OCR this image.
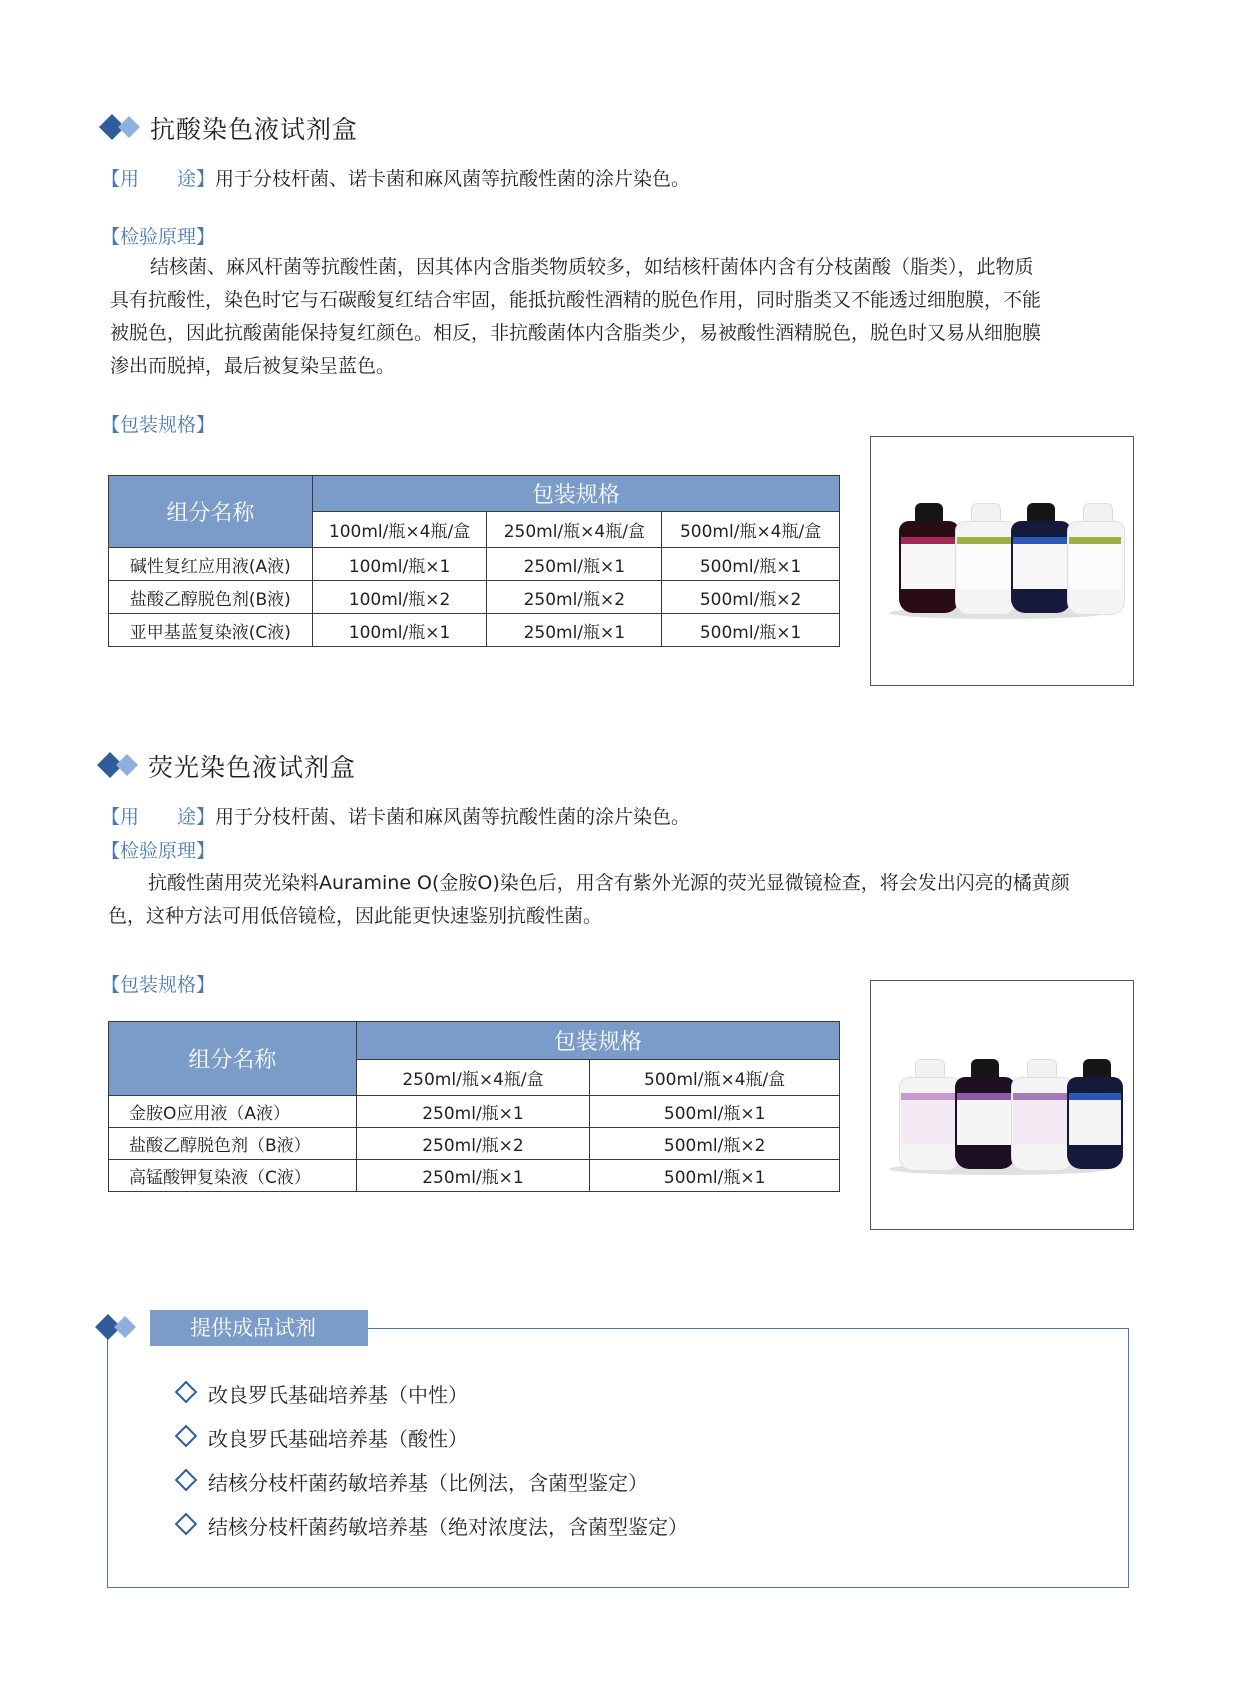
抗酸染色液试剂盒
【用　　途】用于分枝杆菌、诺卡菌和麻风菌等抗酸性菌的涂片染色。
【检验原理】
结核菌、麻风杆菌等抗酸性菌，因其体内含脂类物质较多，如结核杆菌体内含有分枝菌酸（脂类），此物质
具有抗酸性，染色时它与石碳酸复红结合牢固，能抵抗酸性酒精的脱色作用，同时脂类又不能透过细胞膜，不能
被脱色，因此抗酸菌能保持复红颜色。相反，非抗酸菌体内含脂类少，易被酸性酒精脱色，脱色时又易从细胞膜
渗出而脱掉，最后被复染呈蓝色。
【包装规格】
组分名称	包装规格		
	100ml/瓶×4瓶/盒	250ml/瓶×4瓶/盒	500ml/瓶×4瓶/盒
碱性复红应用液(A液)	100ml/瓶×1	250ml/瓶×1	500ml/瓶×1
盐酸乙醇脱色剂(B液)	100ml/瓶×2	250ml/瓶×2	500ml/瓶×2
亚甲基蓝复染液(C液)	100ml/瓶×1	250ml/瓶×1	500ml/瓶×1
荧光染色液试剂盒
【用　　途】用于分枝杆菌、诺卡菌和麻风菌等抗酸性菌的涂片染色。
【检验原理】
抗酸性菌用荧光染料Auramine O(金胺O)染色后，用含有紫外光源的荧光显微镜检查，将会发出闪亮的橘黄颜
色，这种方法可用低倍镜检，因此能更快速鉴别抗酸性菌。
【包装规格】
组分名称	包装规格	
	250ml/瓶×4瓶/盒	500ml/瓶×4瓶/盒
金胺O应用液（A液）	250ml/瓶×1	500ml/瓶×1
盐酸乙醇脱色剂（B液）	250ml/瓶×2	500ml/瓶×2
高锰酸钾复染液（C液）	250ml/瓶×1	500ml/瓶×1
提供成品试剂
改良罗氏基础培养基（中性）
改良罗氏基础培养基（酸性）
结核分枝杆菌药敏培养基（比例法，含菌型鉴定）
结核分枝杆菌药敏培养基（绝对浓度法，含菌型鉴定）
